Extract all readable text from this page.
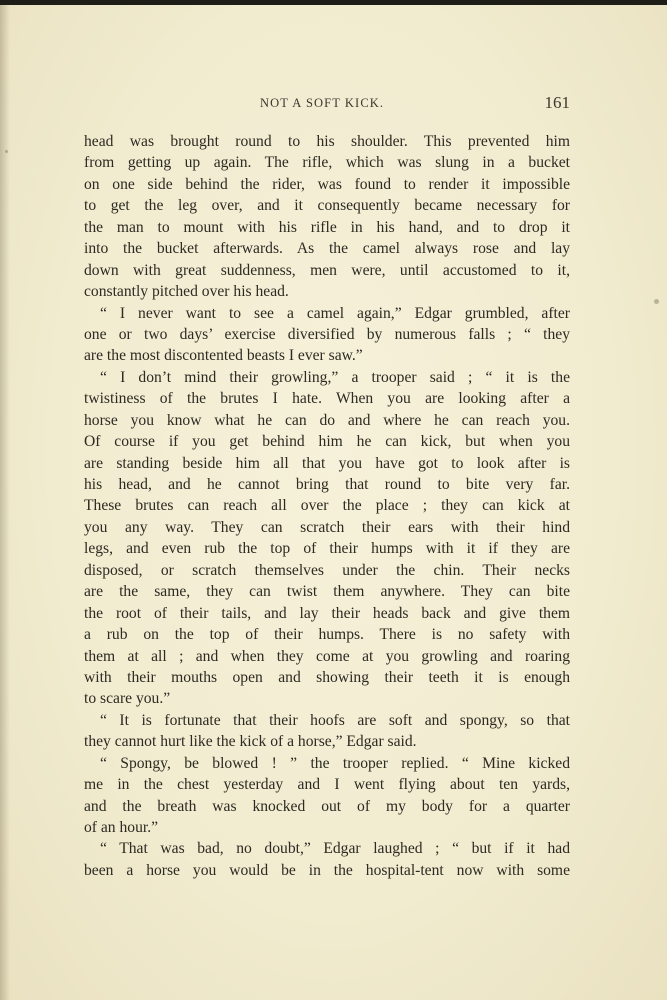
NOT A SOFT KICK.	161
head was brought round to his shoulder. This prevented him
from getting up again. The rifle, which was slung in a bucket
on one side behind the rider, was found to render it impossible
to get the leg over, and it consequently became necessary for
the man to mount with his rifle in his hand, and to drop it
into the bucket afterwards. As the camel always rose and lay
down with great suddenness, men were, until accustomed to it,
constantly pitched over his head.
“ I never want to see a camel again,” Edgar grumbled, after
one or two days’ exercise diversified by numerous falls ; “ they
are the most discontented beasts I ever saw.”
“ I don’t mind their growling,” a trooper said ; “ it is the
twistiness of the brutes I hate. When you are looking after a
horse you know what he can do and where he can reach you.
Of course if you get behind him he can kick, but when you
are standing beside him all that you have got to look after is
his head, and he cannot bring that round to bite very far.
These brutes can reach all over the place ; they can kick at
you any way. They can scratch their ears with their hind
legs, and even rub the top of their humps with it if they are
disposed, or scratch themselves under the chin. Their necks
are the same, they can twist them anywhere. They can bite
the root of their tails, and lay their heads back and give them
a rub on the top of their humps. There is no safety with
them at all ; and when they come at you growling and roaring
with their mouths open and showing their teeth it is enough
to scare you.”
“ It is fortunate that their hoofs are soft and spongy, so that
they cannot hurt like the kick of a horse,” Edgar said.
“ Spongy, be blowed ! ” the trooper replied. “ Mine kicked
me in the chest yesterday and I went flying about ten yards,
and the breath was knocked out of my body for a quarter
of an hour.”
“ That was bad, no doubt,” Edgar laughed ; “ but if it had
been a horse you would be in the hospital-tent now with some
